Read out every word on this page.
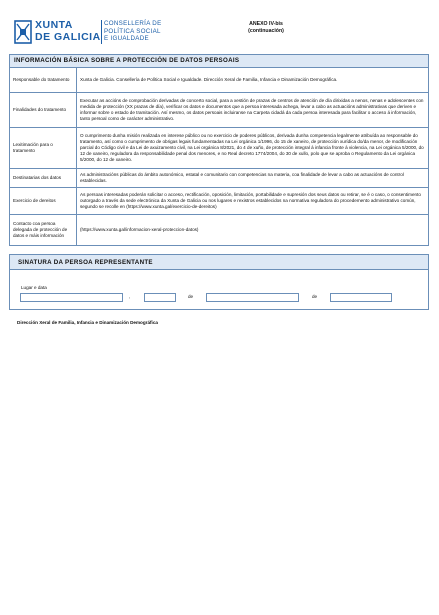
XUNTA
DE GALICIA
CONSELLERÍA DE
POLÍTICA SOCIAL
E IGUALDADE
ANEXO IV-bis
(continuación)
INFORMACIÓN BÁSICA SOBRE A PROTECCIÓN DE DATOS PERSOAIS	
Responsable do tratamento	Xunta de Galicia. Consellería de Política Social e Igualdade. Dirección Xeral de Familia, Infancia e Dinamización Demográfica.
Finalidades do tratamento	Executar as accións de comprobación derivadas de concerto social, para a xestión de prazas de centros de atención de día dirixidas a nenos, nenas e adolescentes con medida de protección (XX prazas de día), verificar os datos e documentos que a persoa interesada achega, levar a cabo as actuacións administrativas que deriven e informar sobre o estado de tramitación. Así mesmo, os datos persoais incluiranse na Carpeta cidadá da cada persoa interesada para facilitar o acceso á información, tanto persoal como de carácter administrativo.
Lexitimación para o tratamento	O cumprimento dunha misión realizada en interese público ou no exercicio de poderes públicos, derivada dunha competencia legalmente atribuída ao responsable do tratamento, así como o cumprimento de obrigas legais fundamentadas na Lei orgánica 1/1996, do 15 de xaneiro, de protección xurídica do/da menor, de modificación parcial do Código civil e da Lei de axuizamento civil, na Lei orgánica 8/2021, do 4 de xuño, de protección integral á infancia fronte á violencia, na Lei orgánica 5/2000, do 12 de xaneiro, reguladora da responsabilidade penal dos menores, e no Real decreto 1774/2004, do 30 de xullo, polo que se aproba o Regulamento da Lei orgánica 5/2000, do 12 de xaneiro.
Destinatarias dos datos	As administracións públicas do ámbito autonómico, estatal e comunitario con competencias na materia, coa finalidade de levar a cabo as actuacións de control establecidas.
Exercicio de dereitos	As persoas interesadas poderán solicitar o acceso, rectificación, oposición, limitación, portabilidade e supresión dos seus datos ou retirar, se é o caso, o consentimento outorgado a través da sede electrónica da Xunta de Galicia ou nos lugares e rexistros establecidos na normativa reguladora do procedemento administrativo común, segundo se recolle en (https://www.xunta.gal/exercicio-de-dereitos)
Contacto coa persoa delegada de protección de datos e máis información	(https://www.xunta.gal/informacion-xeral-proteccion-datos)
SINATURA DA PERSOA REPRESENTANTE
Lugar e data
,	de	de
Dirección Xeral de Familia, Infancia e Dinamización Demográfica
